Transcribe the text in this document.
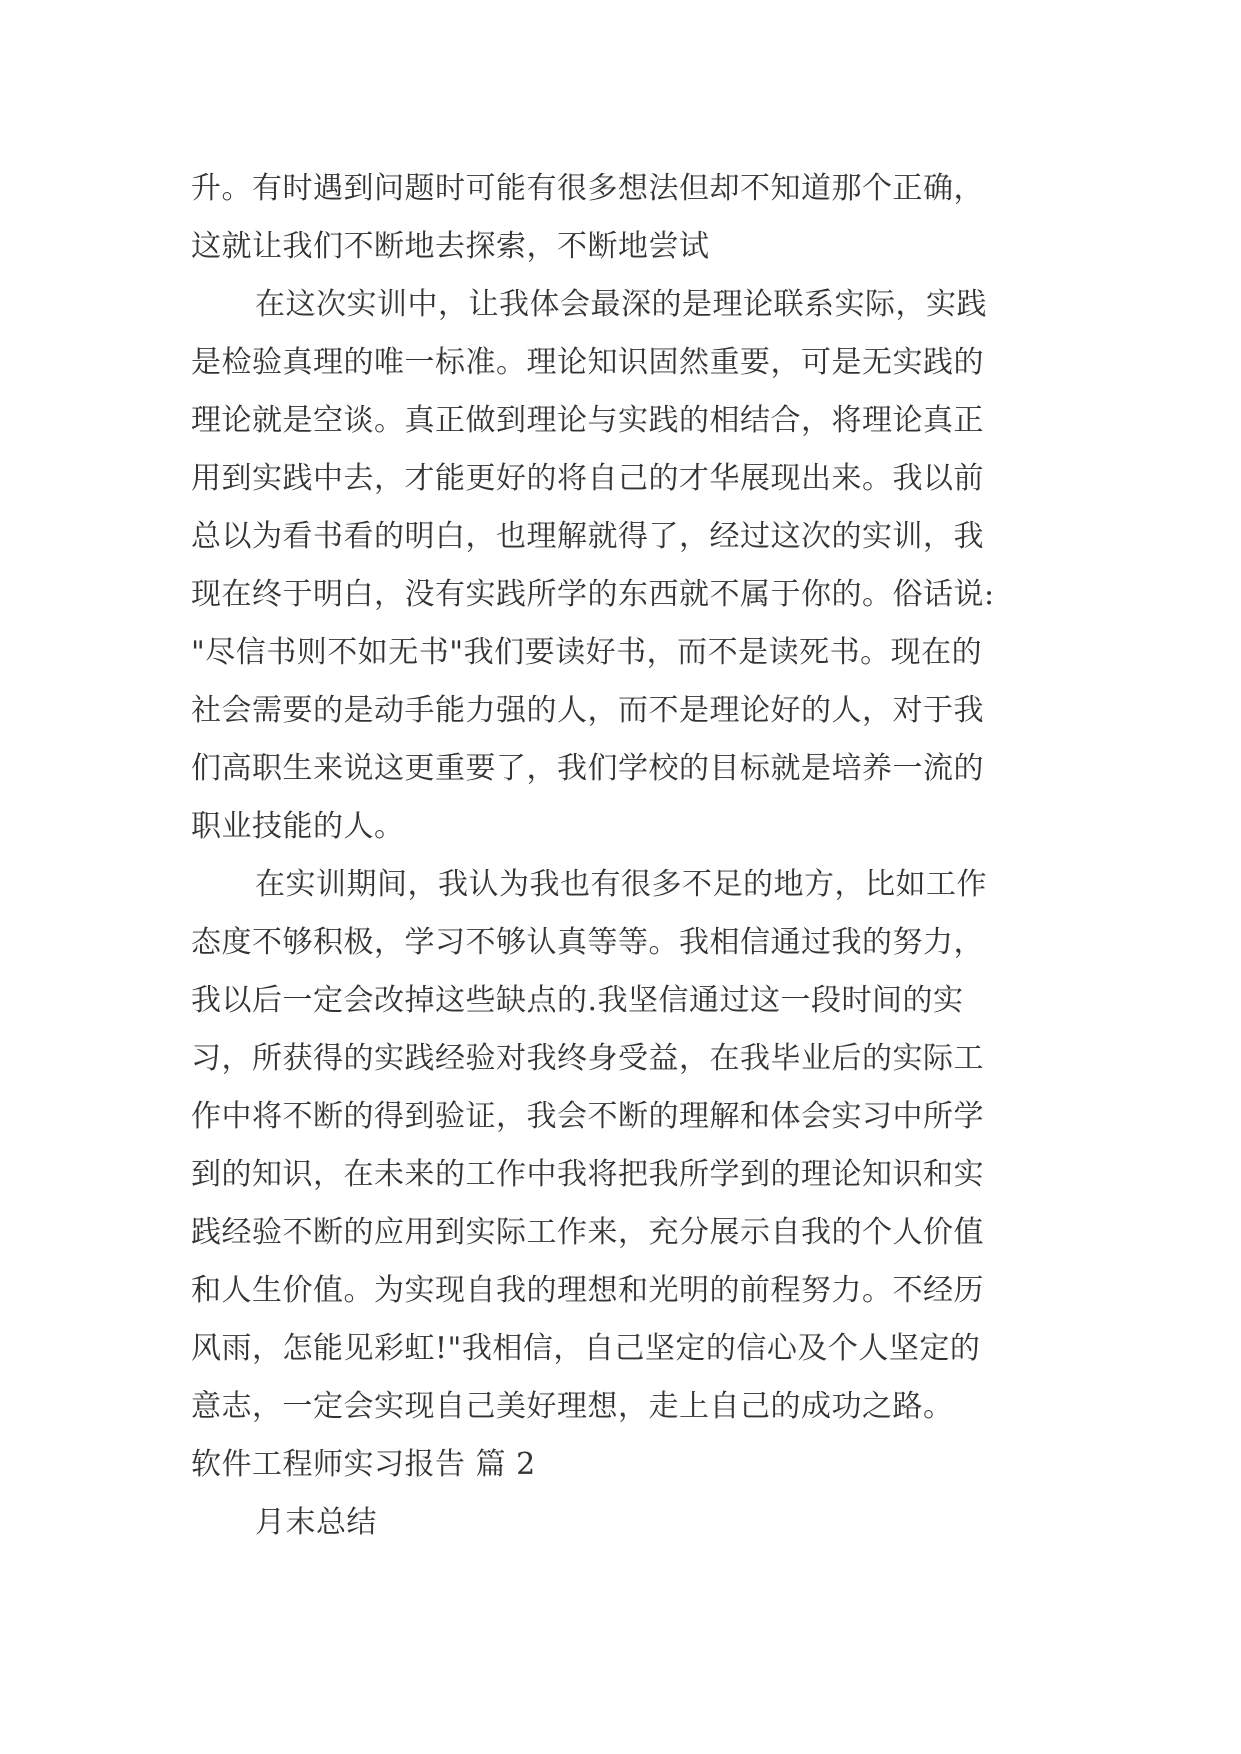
升。有时遇到问题时可能有很多想法但却不知道那个正确，
这就让我们不断地去探索，不断地尝试
在这次实训中，让我体会最深的是理论联系实际，实践
是检验真理的唯一标准。理论知识固然重要，可是无实践的
理论就是空谈。真正做到理论与实践的相结合，将理论真正
用到实践中去，才能更好的将自己的才华展现出来。我以前
总以为看书看的明白，也理解就得了，经过这次的实训，我
现在终于明白，没有实践所学的东西就不属于你的。俗话说:
"尽信书则不如无书"我们要读好书，而不是读死书。现在的
社会需要的是动手能力强的人，而不是理论好的人，对于我
们高职生来说这更重要了，我们学校的目标就是培养一流的
职业技能的人。
在实训期间，我认为我也有很多不足的地方，比如工作
态度不够积极，学习不够认真等等。我相信通过我的努力，
我以后一定会改掉这些缺点的.我坚信通过这一段时间的实
习，所获得的实践经验对我终身受益，在我毕业后的实际工
作中将不断的得到验证，我会不断的理解和体会实习中所学
到的知识，在未来的工作中我将把我所学到的理论知识和实
践经验不断的应用到实际工作来，充分展示自我的个人价值
和人生价值。为实现自我的理想和光明的前程努力。不经历
风雨，怎能见彩虹!"我相信，自己坚定的信心及个人坚定的
意志，一定会实现自己美好理想，走上自己的成功之路。
软件工程师实习报告 篇 2
月末总结
